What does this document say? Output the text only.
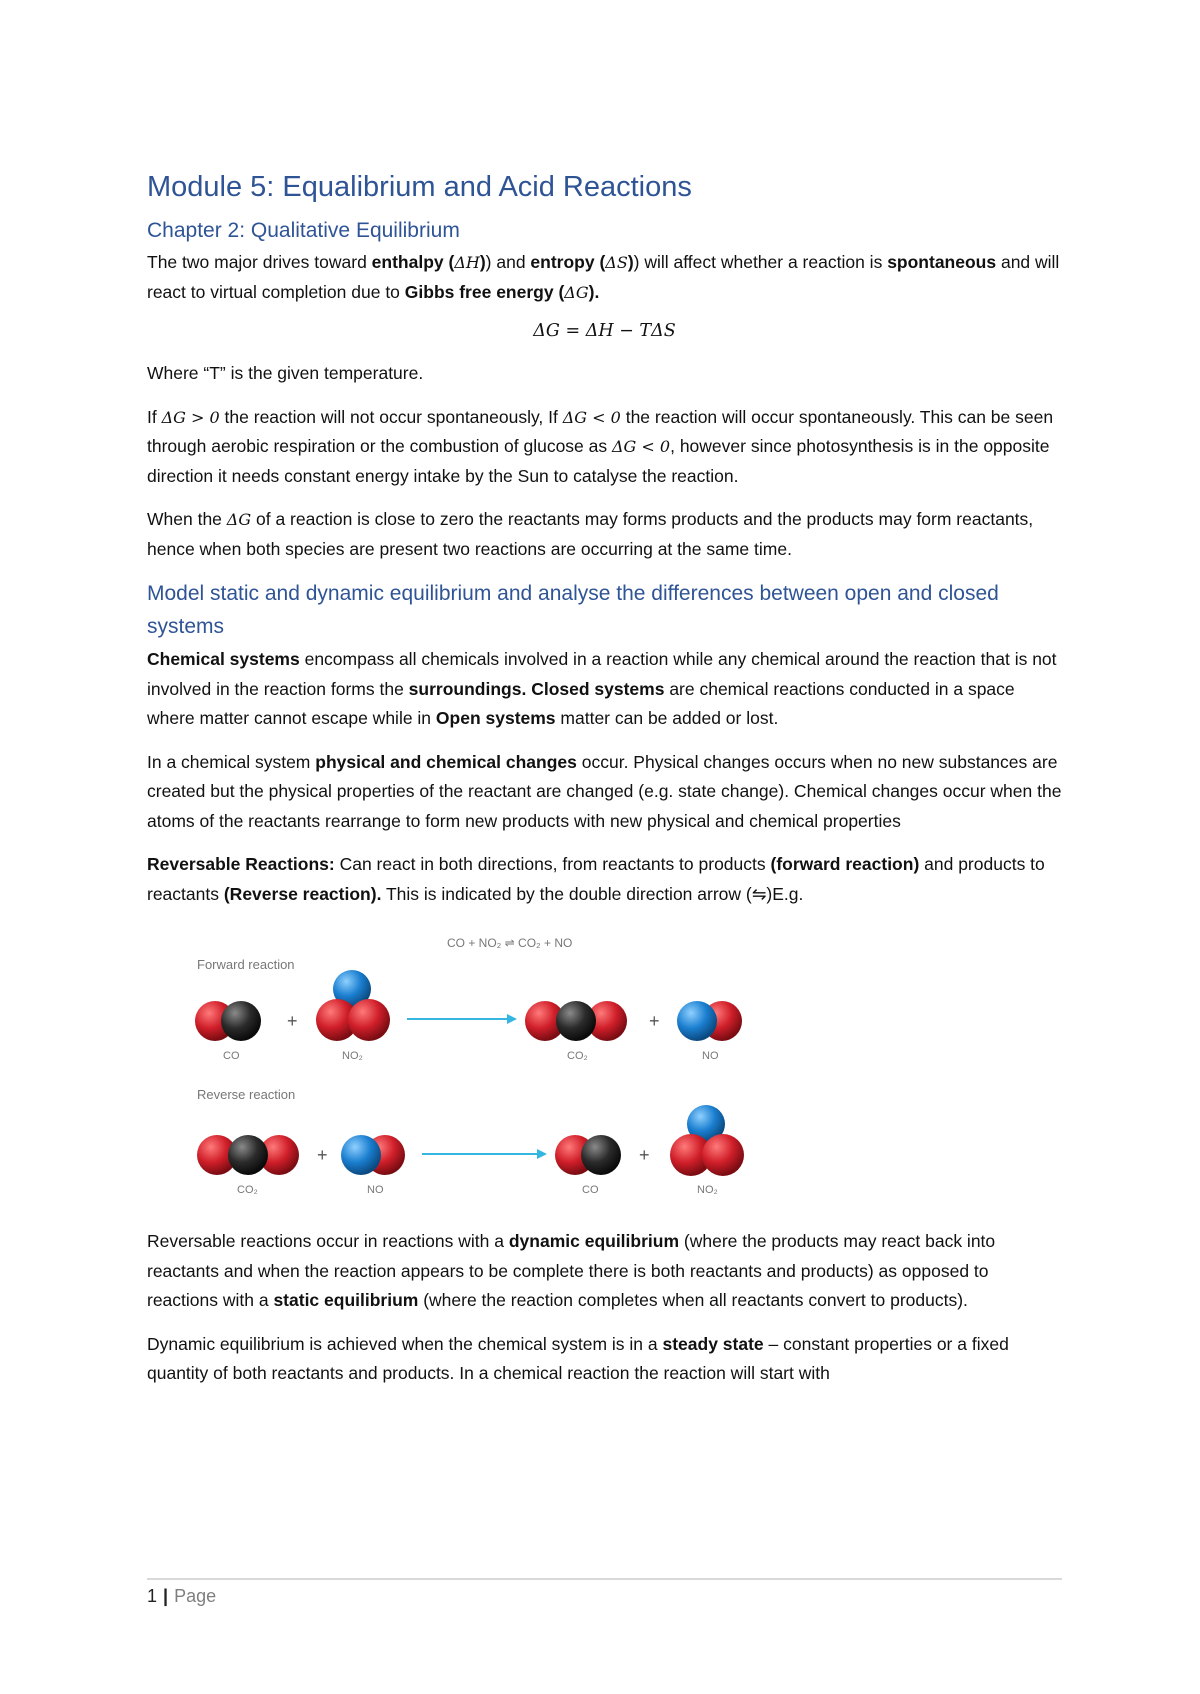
Module 5: Equalibrium and Acid Reactions
Chapter 2: Qualitative Equilibrium

The two major drives toward enthalpy (ΔH)) and entropy (ΔS)) will affect whether a reaction is spontaneous and will react to virtual completion due to Gibbs free energy (ΔG).

ΔG = ΔH − TΔS

Where “T” is the given temperature.

If ΔG > 0 the reaction will not occur spontaneously, If ΔG < 0 the reaction will occur spontaneously. This can be seen through aerobic respiration or the combustion of glucose as ΔG < 0, however since photosynthesis is in the opposite direction it needs constant energy intake by the Sun to catalyse the reaction.

When the ΔG of a reaction is close to zero the reactants may forms products and the products may form reactants, hence when both species are present two reactions are occurring at the same time.

Model static and dynamic equilibrium and analyse the differences between open and closed systems

Chemical systems encompass all chemicals involved in a reaction while any chemical around the reaction that is not involved in the reaction forms the surroundings. Closed systems are chemical reactions conducted in a space where matter cannot escape while in Open systems matter can be added or lost.

In a chemical system physical and chemical changes occur. Physical changes occurs when no new substances are created but the physical properties of the reactant are changed (e.g. state change). Chemical changes occur when the atoms of the reactants rearrange to form new products with new physical and chemical properties

Reversable Reactions: Can react in both directions, from reactants to products (forward reaction) and products to reactants (Reverse reaction). This is indicated by the double direction arrow (⇋)E.g.

CO + NO₂ ⇌ CO₂ + NO
Forward reaction
+	+
CO	NO₂	CO₂	NO
Reverse reaction
+	+
CO₂	NO	CO	NO₂

Reversable reactions occur in reactions with a dynamic equilibrium (where the products may react back into reactants and when the reaction appears to be complete there is both reactants and products) as opposed to reactions with a static equilibrium (where the reaction completes when all reactants convert to products).

Dynamic equilibrium is achieved when the chemical system is in a steady state – constant properties or a fixed quantity of both reactants and products. In a chemical reaction the reaction will start with

1 | Page
